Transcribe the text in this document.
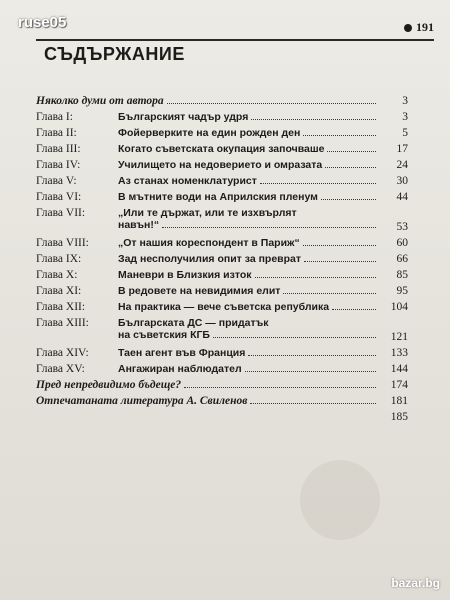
ruse05	191
СЪДЪРЖАНИЕ
Няколко думи от автора	3
Глава I:	Българският чадър удря	3
Глава II:	Фойерверките на един рожден ден	5
Глава III:	Когато съветската окупация започваше	17
Глава IV:	Училището на недоверието и омразата	24
Глава V:	Аз станах номенклатурист	30
Глава VI:	В мътните води на Априлския пленум	44
Глава VII:	„Или те държат, или те изхвърлят
навън!“	53
Глава VIII:	„От нашия кореспондент в Париж“	60
Глава IX:	Зад несполучилия опит за преврат	66
Глава X:	Маневри в Близкия изток	85
Глава XI:	В редовете на невидимия елит	95
Глава XII:	На практика — вече съветска република	104
Глава XIII:	Българската ДС — придатък
на съветския КГБ	121
Глава XIV:	Таен агент във Франция	133
Глава XV:	Ангажиран наблюдател	144
Пред непредвидимо бъдеще?	174
Отпечатаната литература А. Свиленов	181
185
bazar.bg
